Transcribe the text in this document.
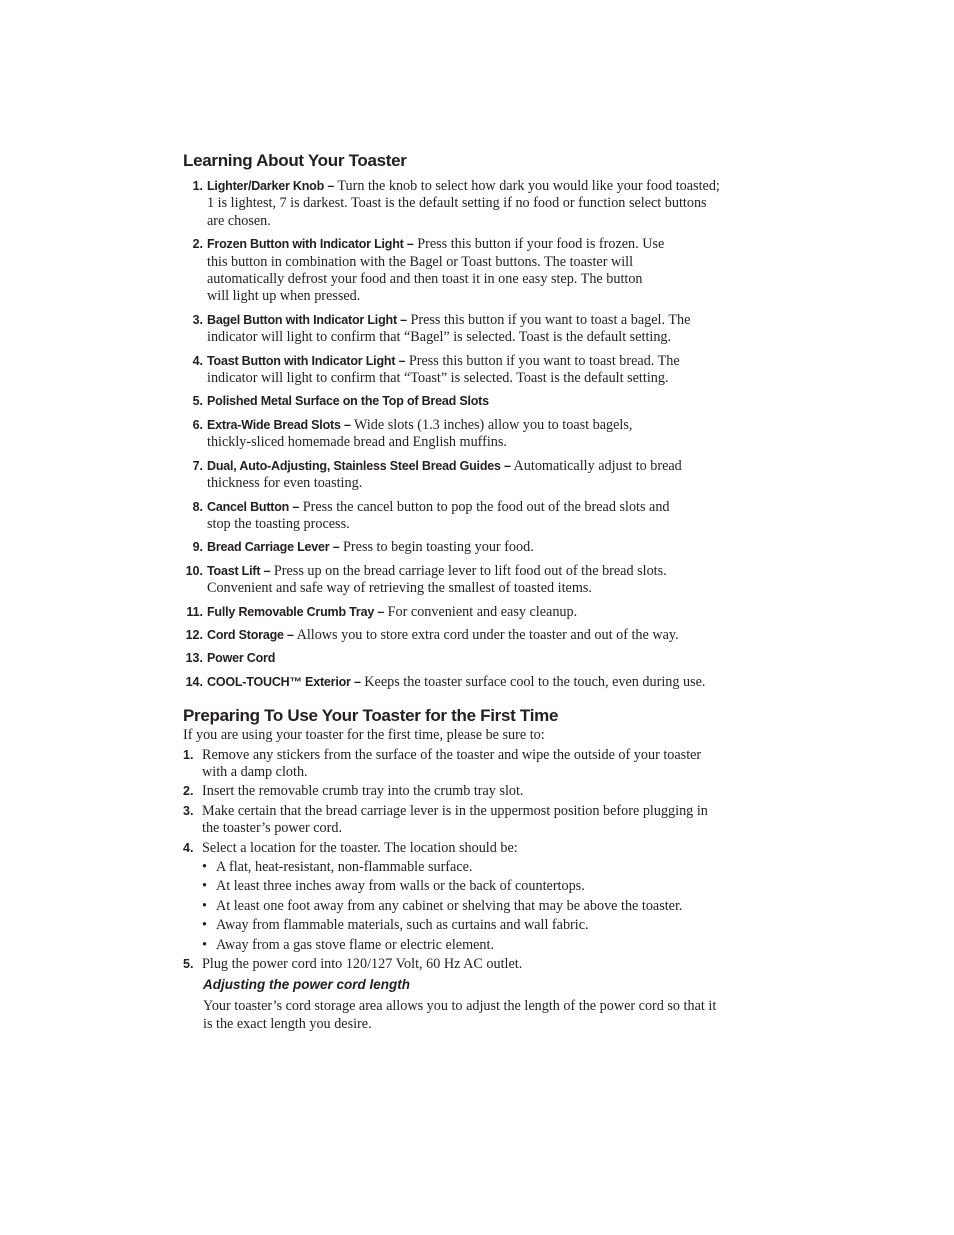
Learning About Your Toaster
1. Lighter/Darker Knob – Turn the knob to select how dark you would like your food toasted; 1 is lightest, 7 is darkest. Toast is the default setting if no food or function select buttons are chosen.
2. Frozen Button with Indicator Light – Press this button if your food is frozen. Use this button in combination with the Bagel or Toast buttons. The toaster will automatically defrost your food and then toast it in one easy step. The button will light up when pressed.
3. Bagel Button with Indicator Light – Press this button if you want to toast a bagel. The indicator will light to confirm that “Bagel” is selected. Toast is the default setting.
4. Toast Button with Indicator Light – Press this button if you want to toast bread. The indicator will light to confirm that “Toast” is selected. Toast is the default setting.
5. Polished Metal Surface on the Top of Bread Slots
6. Extra-Wide Bread Slots – Wide slots (1.3 inches) allow you to toast bagels, thickly-sliced homemade bread and English muffins.
7. Dual, Auto-Adjusting, Stainless Steel Bread Guides – Automatically adjust to bread thickness for even toasting.
8. Cancel Button – Press the cancel button to pop the food out of the bread slots and stop the toasting process.
9. Bread Carriage Lever – Press to begin toasting your food.
10. Toast Lift – Press up on the bread carriage lever to lift food out of the bread slots. Convenient and safe way of retrieving the smallest of toasted items.
11. Fully Removable Crumb Tray – For convenient and easy cleanup.
12. Cord Storage – Allows you to store extra cord under the toaster and out of the way.
13. Power Cord
14. COOL-TOUCH™ Exterior – Keeps the toaster surface cool to the touch, even during use.
Preparing To Use Your Toaster for the First Time

If you are using your toaster for the first time, please be sure to:

1. Remove any stickers from the surface of the toaster and wipe the outside of your toaster with a damp cloth.
2. Insert the removable crumb tray into the crumb tray slot.
3. Make certain that the bread carriage lever is in the uppermost position before plugging in the toaster’s power cord.
4. Select a location for the toaster. The location should be:
• A flat, heat-resistant, non-flammable surface.
• At least three inches away from walls or the back of countertops.
• At least one foot away from any cabinet or shelving that may be above the toaster.
• Away from flammable materials, such as curtains and wall fabric.
• Away from a gas stove flame or electric element.
5. Plug the power cord into 120/127 Volt, 60 Hz AC outlet.
Adjusting the power cord length

Your toaster’s cord storage area allows you to adjust the length of the power cord so that it is the exact length you desire.
